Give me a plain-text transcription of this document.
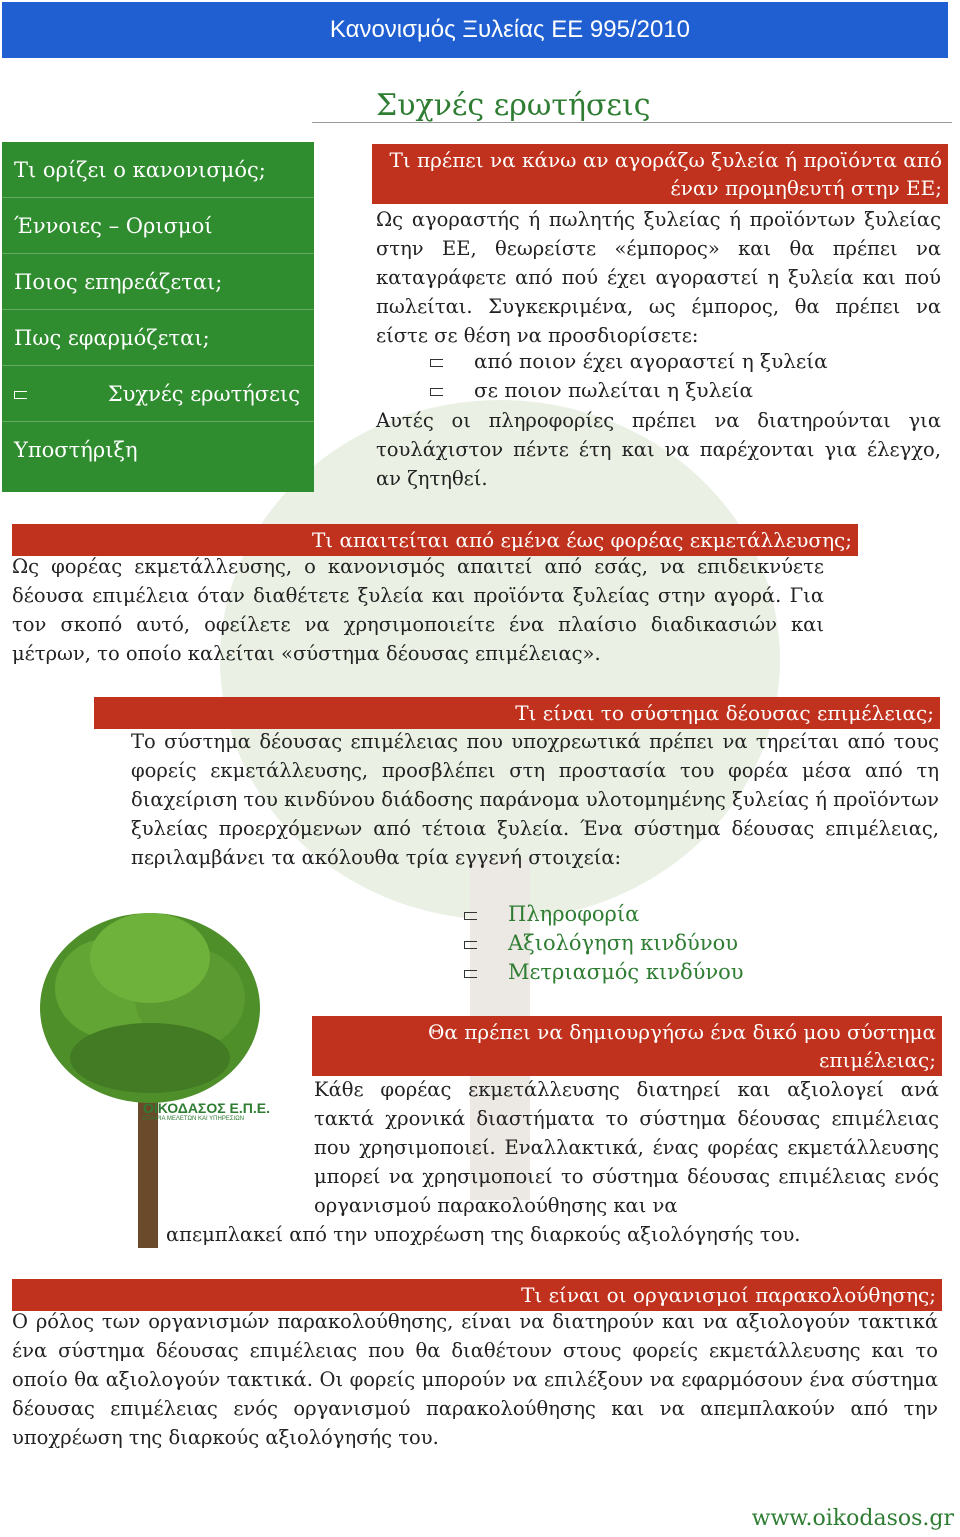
Κανονισμός Ξυλείας ΕΕ 995/2010
Συχνές ερωτήσεις
Τι ορίζει ο κανονισμός;
Έννοιες – Ορισμοί
Ποιος επηρεάζεται;
Πως εφαρμόζεται;
Συχνές ερωτήσεις
Υποστήριξη
Τι πρέπει να κάνω αν αγοράζω ξυλεία ή προϊόντα από έναν προμηθευτή στην ΕΕ;
Ως αγοραστής ή πωλητής ξυλείας ή προϊόντων ξυλείας στην ΕΕ, θεωρείστε «έμπορος» και θα πρέπει να καταγράφετε από πού έχει αγοραστεί η ξυλεία και πού πωλείται. Συγκεκριμένα, ως έμπορος, θα πρέπει να είστε σε θέση να προσδιορίσετε:
από ποιον έχει αγοραστεί η ξυλεία
σε ποιον πωλείται η ξυλεία
Αυτές οι πληροφορίες πρέπει να διατηρούνται για τουλάχιστον πέντε έτη και να παρέχονται για έλεγχο, αν ζητηθεί.
Τι απαιτείται από εμένα έως φορέας εκμετάλλευσης;
Ως φορέας εκμετάλλευσης, ο κανονισμός απαιτεί από εσάς, να επιδεικνύετε δέουσα επιμέλεια όταν διαθέτετε ξυλεία και προϊόντα ξυλείας στην αγορά. Για τον σκοπό αυτό, οφείλετε να χρησιμοποιείτε ένα πλαίσιο διαδικασιών και μέτρων, το οποίο καλείται «σύστημα δέουσας επιμέλειας».
Τι είναι το σύστημα δέουσας επιμέλειας;
Το σύστημα δέουσας επιμέλειας που υποχρεωτικά πρέπει να τηρείται από τους φορείς εκμετάλλευσης, προσβλέπει στη προστασία του φορέα μέσα από τη διαχείριση του κινδύνου διάδοσης παράνομα υλοτομημένης ξυλείας ή προϊόντων ξυλείας προερχόμενων από τέτοια ξυλεία. Ένα σύστημα δέουσας επιμέλειας, περιλαμβάνει τα ακόλουθα τρία εγγενή στοιχεία:
Πληροφορία
Αξιολόγηση κινδύνου
Μετριασμός κινδύνου
ΟΙΚΟΔΑΣΟΣ Ε.Π.Ε.
ΕΤΑΙΡΙΑ ΜΕΛΕΤΩΝ ΚΑΙ ΥΠΗΡΕΣΙΩΝ
Θα πρέπει να δημιουργήσω ένα δικό μου σύστημα επιμέλειας;
Κάθε φορέας εκμετάλλευσης διατηρεί και αξιολογεί ανά τακτά χρονικά διαστήματα το σύστημα δέουσας επιμέλειας που χρησιμοποιεί. Εναλλακτικά, ένας φορέας εκμετάλλευσης μπορεί να χρησιμοποιεί το σύστημα δέουσας επιμέλειας ενός οργανισμού παρακολούθησης και να
απεμπλακεί από την υποχρέωση της διαρκούς αξιολόγησής του.
Τι είναι οι οργανισμοί παρακολούθησης;
Ο ρόλος των οργανισμών παρακολούθησης, είναι να διατηρούν και να αξιολογούν τακτικά ένα σύστημα δέουσας επιμέλειας που θα διαθέτουν στους φορείς εκμετάλλευσης και το οποίο θα αξιολογούν τακτικά. Οι φορείς μπορούν να επιλέξουν να εφαρμόσουν ένα σύστημα δέουσας επιμέλειας ενός οργανισμού παρακολούθησης και να απεμπλακούν από την υποχρέωση της διαρκούς αξιολόγησής του.
www.oikodasos.gr
